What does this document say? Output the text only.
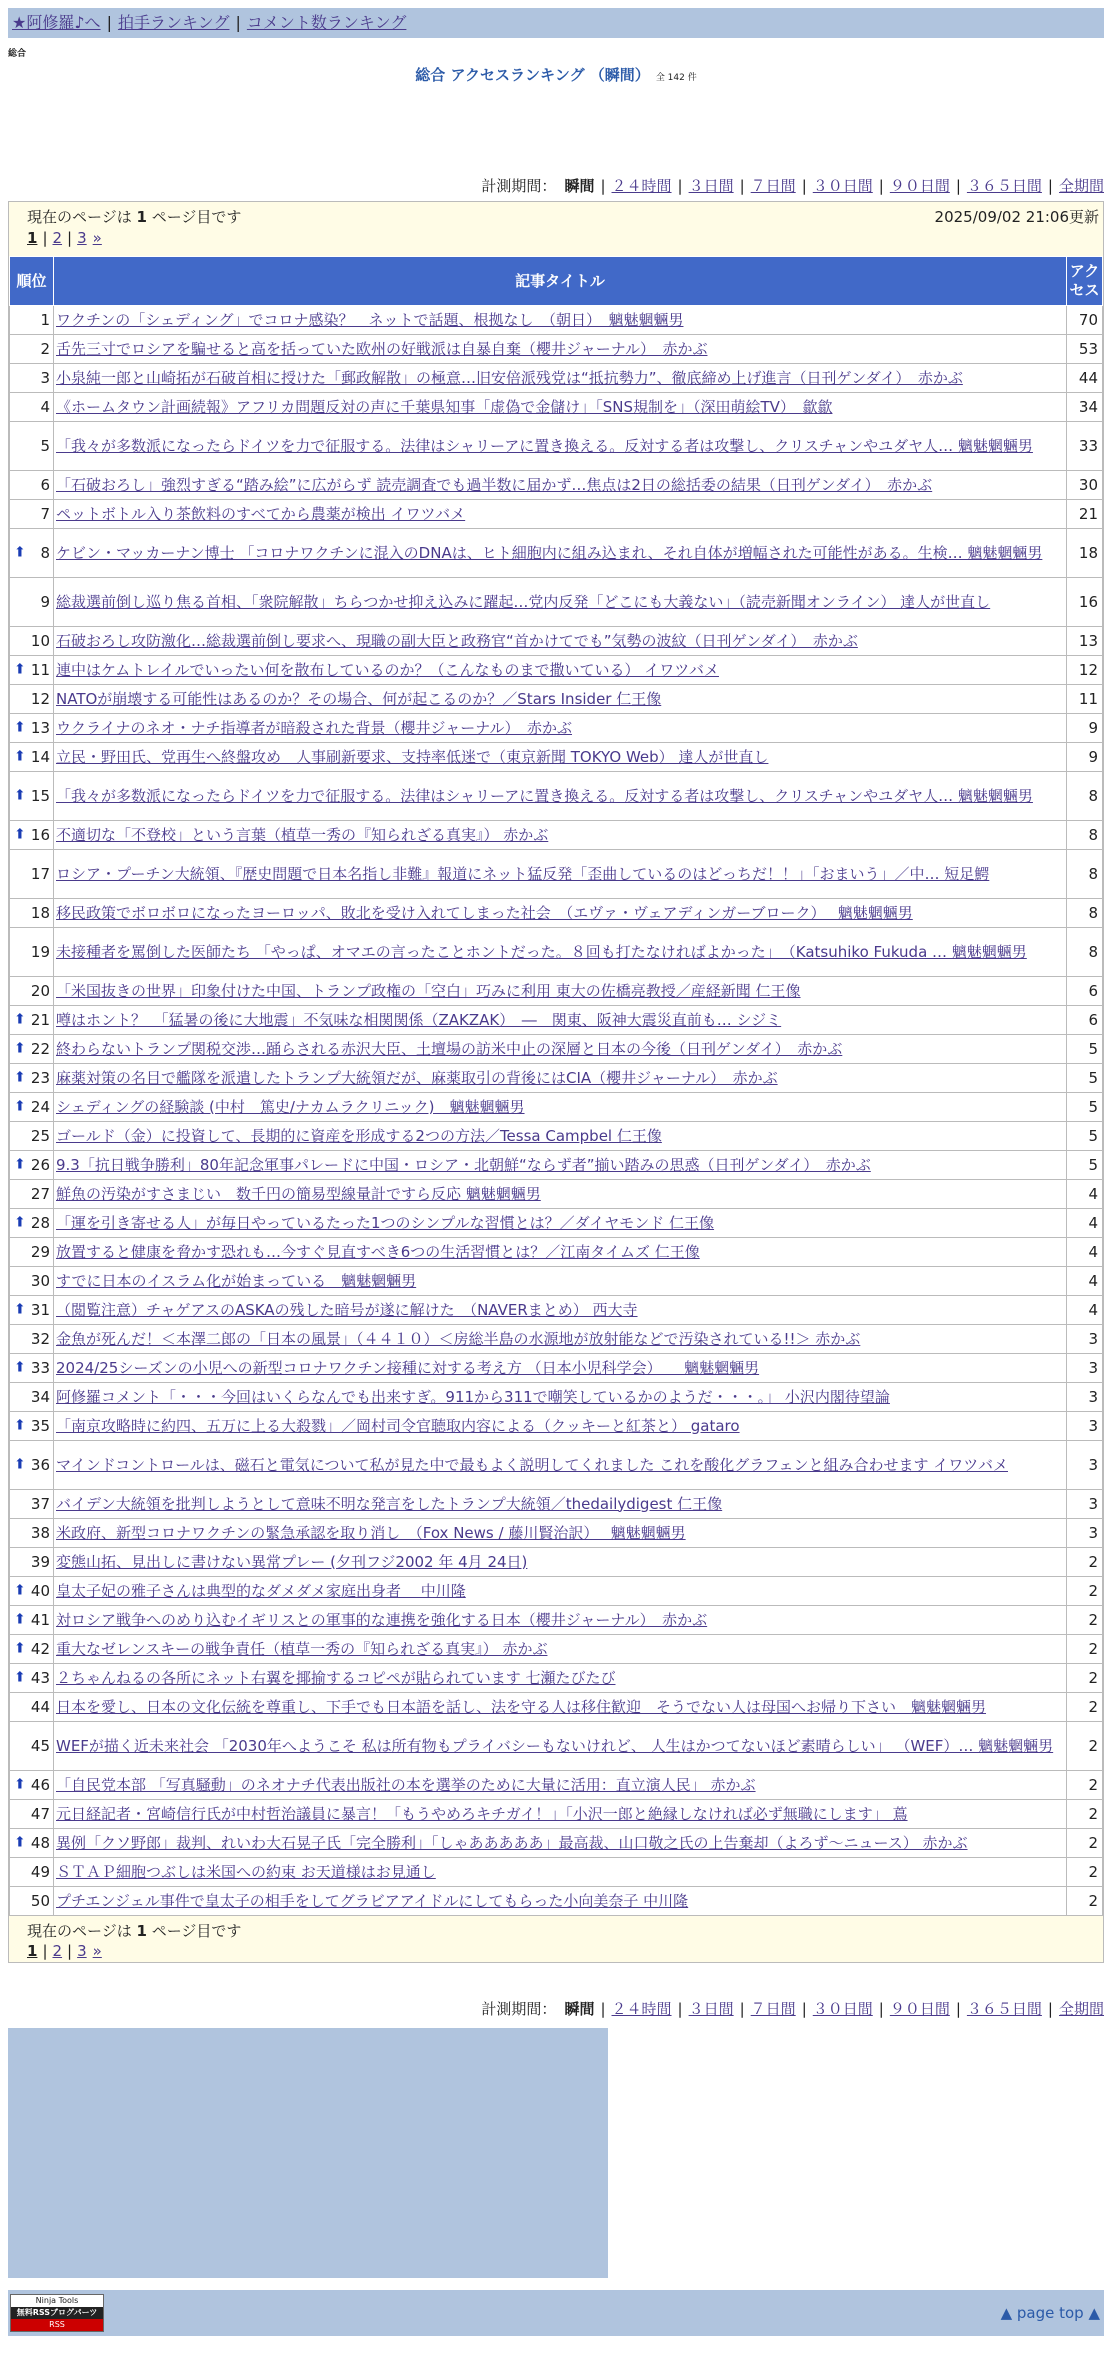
★阿修羅♪へ | 拍手ランキング | コメント数ランキング
総合
総合 アクセスランキング （瞬間） 全 142 件
計測期間： 瞬間 | ２４時間 | ３日間 | ７日間 | ３０日間 | ９０日間 | ３６５日間 | 全期間
現在のページは 1 ページ目です	2025/09/02 21:06更新
1 | 2 | 3 »
順位	記事タイトル	アクセス
1	ワクチンの「シェディング」でコロナ感染？　ネットで話題、根拠なし　（朝日）　魑魅魍魎男	70
2	舌先三寸でロシアを騙せると高を括っていた欧州の好戦派は自暴自棄（櫻井ジャーナル）　赤かぶ	53
3	小泉純一郎と山崎拓が石破首相に授けた「郵政解散」の極意…旧安倍派残党は“抵抗勢力”、徹底締め上げ進言（日刊ゲンダイ）　赤かぶ	44
4	《ホームタウン計画続報》アフリカ問題反対の声に千葉県知事「虚偽で金儲け」「SNS規制を」（深田萌絵TV）　歙歙	34
5	「我々が多数派になったらドイツを力で征服する。法律はシャリーアに置き換える。反対する者は攻撃し、クリスチャンやユダヤ人… 魑魅魍魎男	33
6	「石破おろし」強烈すぎる“踏み絵”に広がらず 読売調査でも過半数に届かず…焦点は2日の総括委の結果（日刊ゲンダイ）　赤かぶ	30
7	ペットボトル入り茶飲料のすべてから農薬が検出 イワツバメ	21

⬆ 8	ケビン・マッカーナン博士 「コロナワクチンに混入のDNAは、ヒト細胞内に組み込まれ、それ自体が増幅された可能性がある。生検… 魑魅魍魎男	18
9	総裁選前倒し巡り焦る首相、「衆院解散」ちらつかせ抑え込みに躍起…党内反発「どこにも大義ない」（読売新聞オンライン） 達人が世直し	16
10	石破おろし攻防激化…総裁選前倒し要求へ、現職の副大臣と政務官“首かけてでも”気勢の波紋（日刊ゲンダイ）　赤かぶ	13

⬆ 11	連中はケムトレイルでいったい何を散布しているのか？（こんなものまで撒いている） イワツバメ	12
12	NATOが崩壊する可能性はあるのか？その場合、何が起こるのか？／Stars Insider 仁王像	11

⬆ 13	ウクライナのネオ・ナチ指導者が暗殺された背景（櫻井ジャーナル）　赤かぶ	9

⬆ 14	立民・野田氏、党再生へ終盤攻め　人事刷新要求、支持率低迷で（東京新聞 TOKYO Web） 達人が世直し	9

⬆ 15	「我々が多数派になったらドイツを力で征服する。法律はシャリーアに置き換える。反対する者は攻撃し、クリスチャンやユダヤ人… 魑魅魍魎男	8

⬆ 16	不適切な「不登校」という言葉（植草一秀の『知られざる真実』） 赤かぶ	8
17	ロシア・プーチン大統領、『歴史問題で日本名指し非難』報道にネット猛反発「歪曲しているのはどっちだ！！」「おまいう」／中… 短足鰐	8
18	移民政策でボロボロになったヨーロッパ、敗北を受け入れてしまった社会　（エヴァ・ヴェアディンガーブローク）　 魑魅魍魎男	8
19	未接種者を罵倒した医師たち 「やっぱ、オマエの言ったことホントだった。８回も打たなければよかった」　（Katsuhiko Fukuda … 魑魅魍魎男	8
20	「米国抜きの世界」印象付けた中国、トランプ政権の「空白」巧みに利用 東大の佐橋亮教授／産経新聞 仁王像	6

⬆ 21	噂はホント？　「猛暑の後に大地震」不気味な相関関係（ZAKZAK）　―　関東、阪神大震災直前も… シジミ	6

⬆ 22	終わらないトランプ関税交渉…踊らされる赤沢大臣、土壇場の訪米中止の深層と日本の今後（日刊ゲンダイ）　赤かぶ	5

⬆ 23	麻薬対策の名目で艦隊を派遣したトランプ大統領だが、麻薬取引の背後にはCIA（櫻井ジャーナル）　赤かぶ	5

⬆ 24	シェディングの経験談 (中村　篤史/ナカムラクリニック)　魑魅魍魎男	5
25	ゴールド（金）に投資して、長期的に資産を形成する2つの方法／Tessa Campbel 仁王像	5

⬆ 26	9.3「抗日戦争勝利」80年記念軍事パレードに中国・ロシア・北朝鮮“ならず者”揃い踏みの思惑（日刊ゲンダイ）　赤かぶ	5
27	鮮魚の汚染がすさまじい　数千円の簡易型線量計ですら反応 魑魅魍魎男	4

⬆ 28	「運を引き寄せる人」が毎日やっているたった1つのシンプルな習慣とは？／ダイヤモンド 仁王像	4
29	放置すると健康を脅かす恐れも…今すぐ見直すべき6つの生活習慣とは？／江南タイムズ 仁王像	4
30	すでに日本のイスラム化が始まっている　魑魅魍魎男	4

⬆ 31	（閲覧注意）チャゲアスのASKAの残した暗号が遂に解けた　（NAVERまとめ） 西大寺	4
32	金魚が死んだ！＜本澤二郎の「日本の風景」（４４１０）＜房総半島の水源地が放射能などで汚染されている!!＞ 赤かぶ	3

⬆ 33	2024/25シーズンの小児への新型コロナワクチン接種に対する考え方 （日本小児科学会）　　魑魅魍魎男	3
34	阿修羅コメント「・・・今回はいくらなんでも出来すぎ。911から311で嘲笑しているかのようだ・・・。」 小沢内閣待望論	3

⬆ 35	「南京攻略時に約四、五万に上る大殺戮」／岡村司令官聴取内容による（クッキーと紅茶と） gataro	3

⬆ 36	マインドコントロールは、磁石と電気について私が見た中で最もよく説明してくれました これを酸化グラフェンと組み合わせます イワツバメ	3
37	バイデン大統領を批判しようとして意味不明な発言をしたトランプ大統領／thedailydigest 仁王像	3
38	米政府、新型コロナワクチンの緊急承認を取り消し　（Fox News / 藤川賢治訳）　 魑魅魍魎男	3
39	変態山拓、見出しに書けない異常プレー (夕刊フジ2002 年 4月 24日)	2

⬆ 40	皇太子妃の雅子さんは典型的なダメダメ家庭出身者　 中川隆	2

⬆ 41	対ロシア戦争へのめり込むイギリスとの軍事的な連携を強化する日本（櫻井ジャーナル）　赤かぶ	2

⬆ 42	重大なゼレンスキーの戦争責任（植草一秀の『知られざる真実』） 赤かぶ	2

⬆ 43	２ちゃんねるの各所にネット右翼を揶揄するコピペが貼られています 七瀬たびたび	2
44	日本を愛し、日本の文化伝統を尊重し、下手でも日本語を話し、法を守る人は移住歓迎　そうでない人は母国へお帰り下さい　魑魅魍魎男	2
45	WEFが描く近未来社会 「2030年へようこそ 私は所有物もプライバシーもないけれど、 人生はかつてないほど素晴らしい」 （WEF）… 魑魅魍魎男	2

⬆ 46	「自民党本部 「写真騒動」のネオナチ代表出版社の本を選挙のために大量に活用：直立演人民」 赤かぶ	2
47	元日経記者・宮崎信行氏が中村哲治議員に暴言！「もうやめろキチガイ！」「小沢一郎と絶縁しなければ必ず無職にします」 蔦	2

⬆ 48	異例「クソ野郎」裁判、れいわ大石晃子氏「完全勝利」「しゃあああああ」最高裁、山口敬之氏の上告棄却（よろず〜ニュース） 赤かぶ	2
49	ＳＴＡＰ細胞つぶしは米国への約束 お天道様はお見通し	2
50	プチエンジェル事件で皇太子の相手をしてグラビアアイドルにしてもらった小向美奈子 中川隆	2
現在のページは 1 ページ目です
1 | 2 | 3 »
計測期間： 瞬間 | ２４時間 | ３日間 | ７日間 | ３０日間 | ９０日間 | ３６５日間 | 全期間
Ninja Tools
無料RSSブログパーツ
RSS
▲ page top ▲
